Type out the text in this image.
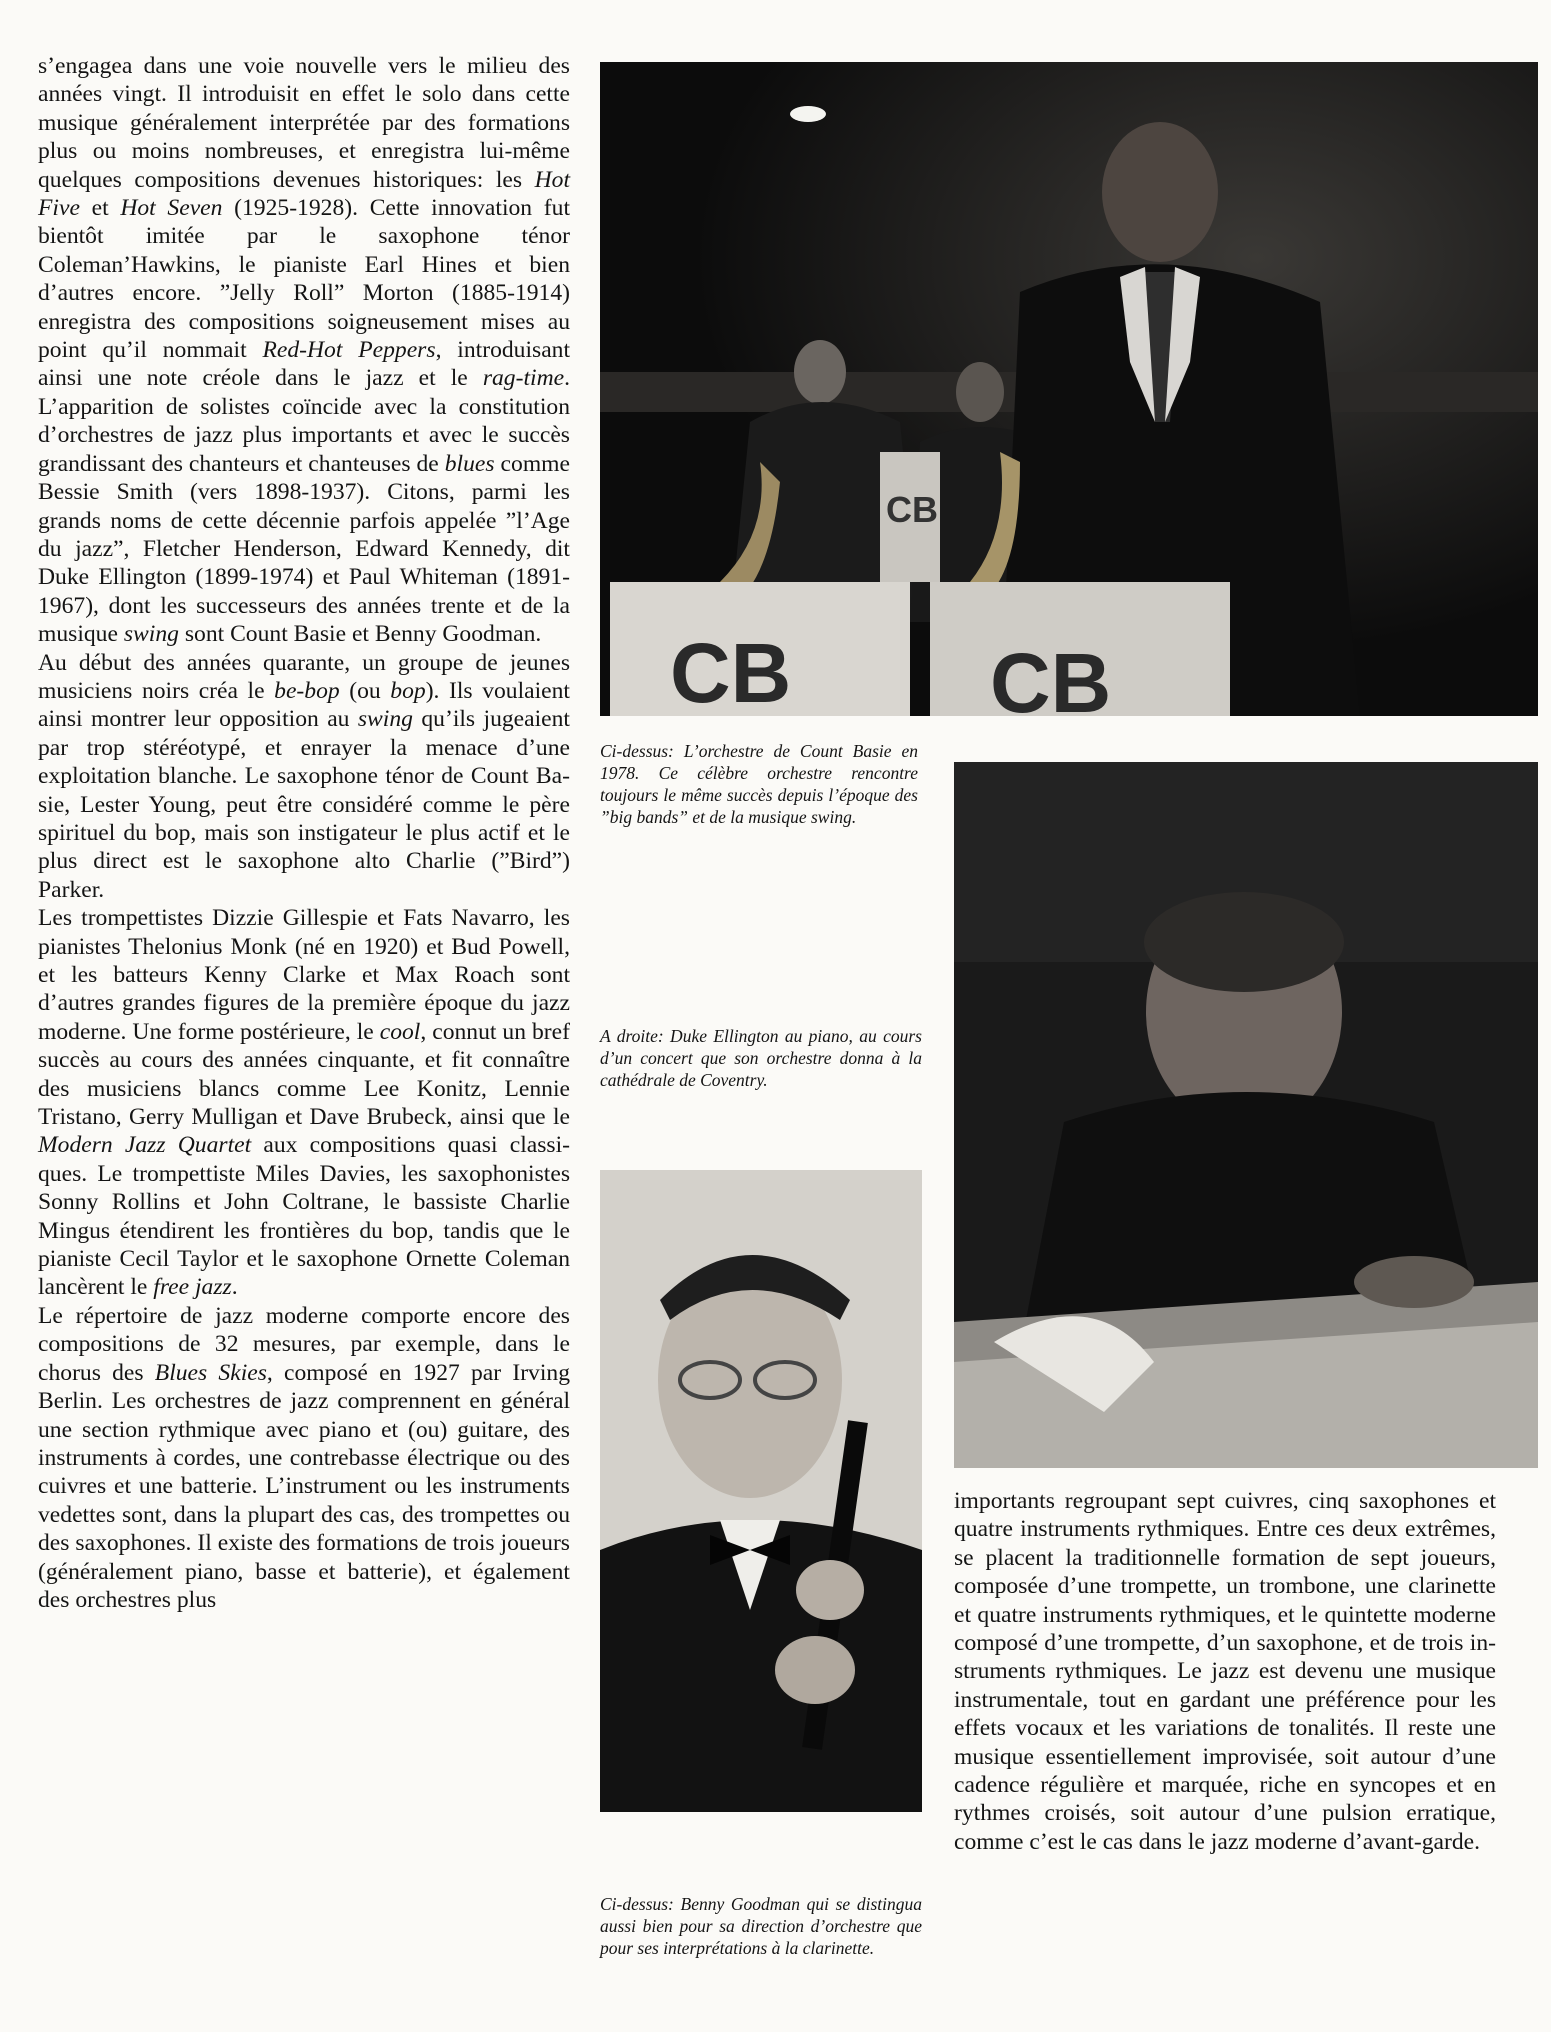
s’engagea dans une voie nouvelle vers le milieu des années vingt. Il introduisit en effet le solo dans cette musique généralement interprétée par des formations plus ou moins nombreuses, et enregistra lui-même quelques compositions devenues historiques: les Hot Five et Hot Seven (1925-1928). Cette innovation fut bientôt imitée par le saxophone ténor Coleman’Hawkins, le pianiste Earl Hines et bien d’autres encore. ”Jelly Roll” Morton (1885-1914) enregistra des compositions soigneusement mises au point qu’il nommait Red-Hot Peppers, introduisant ainsi une note créole dans le jazz et le rag-time. L’apparition de solistes coïncide avec la constitution d’orchestres de jazz plus importants et avec le succès grandissant des chanteurs et chanteuses de blues comme Bessie Smith (vers 1898-1937). Citons, parmi les grands noms de cette décennie parfois appelée ”l’Age du jazz”, Fletcher Henderson, Edward Kennedy, dit Duke Ellington (1899-1974) et Paul Whiteman (1891-1967), dont les successeurs des années trente et de la musique swing sont Count Basie et Benny Goodman.

Au début des années quarante, un groupe de jeunes musiciens noirs créa le be-bop (ou bop). Ils voulaient ainsi montrer leur opposition au swing qu’ils jugeaient par trop stéréotypé, et enrayer la menace d’une exploitation blanche. Le saxophone ténor de Count Basie, Lester Young, peut être considéré comme le père spirituel du bop, mais son instigateur le plus actif et le plus direct est le saxophone alto Charlie (”Bird”) Parker.

Les trompettistes Dizzie Gillespie et Fats Navarro, les pianistes Thelonius Monk (né en 1920) et Bud Powell, et les batteurs Kenny Clarke et Max Roach sont d’autres grandes figures de la première époque du jazz moderne. Une forme postérieure, le cool, connut un bref succès au cours des années cinquante, et fit connaître des musiciens blancs comme Lee Konitz, Lennie Tristano, Gerry Mulligan et Dave Brubeck, ainsi que le Modern Jazz Quartet aux compositions quasi classiques. Le trompettiste Miles Davies, les saxophonistes Sonny Rollins et John Coltrane, le bassiste Charlie Mingus étendirent les frontières du bop, tandis que le pianiste Cecil Taylor et le saxophone Ornette Coleman lancèrent le free jazz.

Le répertoire de jazz moderne comporte encore des compositions de 32 mesures, par exemple, dans le chorus des Blues Skies, composé en 1927 par Irving Berlin. Les orchestres de jazz comprennent en général une section rythmique avec piano et (ou) guitare, des instruments à cordes, une contrebasse électrique ou des cuivres et une batterie. L’instrument ou les instruments vedettes sont, dans la plupart des cas, des trompettes ou des saxophones. Il existe des formations de trois joueurs (généralement piano, basse et batterie), et également des orchestres plus

CB CB
CB
Ci-dessus: L’orchestre de Count Basie en 1978. Ce célèbre orchestre rencontre toujours le même succès depuis l’époque des ”big bands” et de la musique swing.
A droite: Duke Ellington au piano, au cours d’un concert que son orchestre donna à la cathédrale de Coventry.
Ci-dessus: Benny Goodman qui se distingua aussi bien pour sa direction d’orchestre que pour ses interprétations à la clarinette.

importants regroupant sept cuivres, cinq saxophones et quatre instruments rythmiques. Entre ces deux extrêmes, se placent la traditionnelle formation de sept joueurs, composée d’une trompette, un trombone, une clarinette et quatre instruments rythmiques, et le quintette moderne composé d’une trompette, d’un saxophone, et de trois instruments rythmiques. Le jazz est devenu une musique instrumentale, tout en gardant une préférence pour les effets vocaux et les variations de tonalités. Il reste une musique essentiellement improvisée, soit autour d’une cadence régulière et marquée, riche en syncopes et en rythmes croisés, soit autour d’une pulsion erratique, comme c’est le cas dans le jazz moderne d’avant-garde.
